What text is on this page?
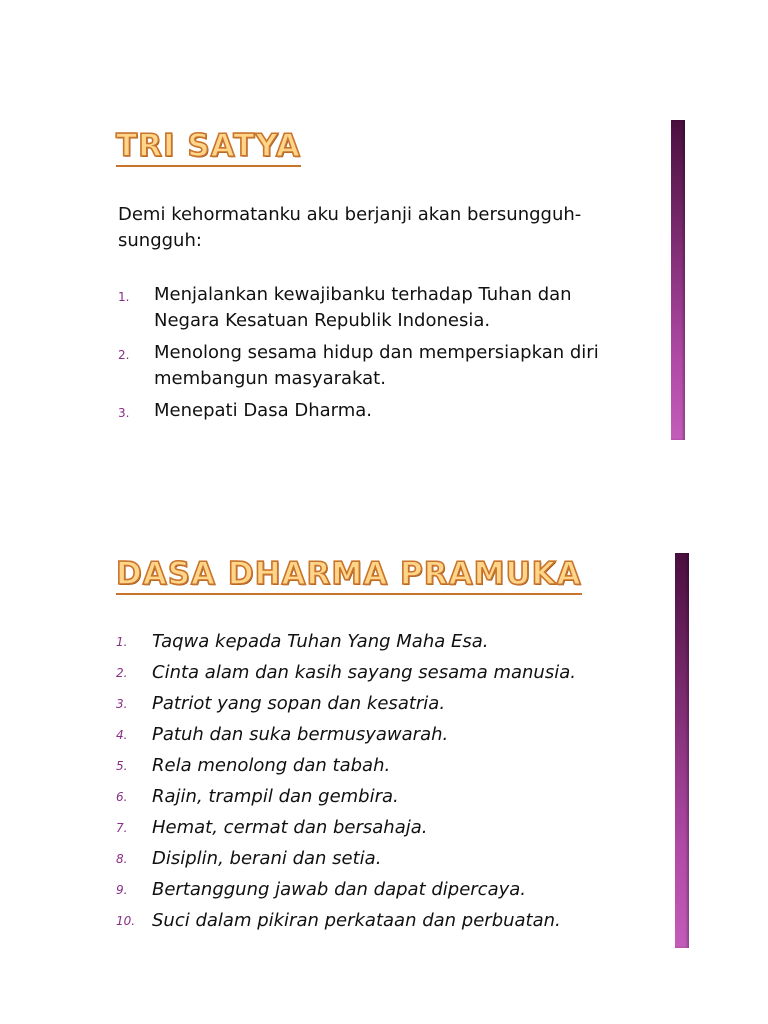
TRI SATYA

Demi kehormatanku aku berjanji akan bersungguh-sungguh:

1. Menjalankan kewajibanku terhadap Tuhan dan Negara Kesatuan Republik Indonesia.
2. Menolong sesama hidup dan mempersiapkan diri membangun masyarakat.
3. Menepati Dasa Dharma.
DASA DHARMA PRAMUKA
1. Taqwa kepada Tuhan Yang Maha Esa.
2. Cinta alam dan kasih sayang sesama manusia.
3. Patriot yang sopan dan kesatria.
4. Patuh dan suka bermusyawarah.
5. Rela menolong dan tabah.
6. Rajin, trampil dan gembira.
7. Hemat, cermat dan bersahaja.
8. Disiplin, berani dan setia.
9. Bertanggung jawab dan dapat dipercaya.
10. Suci dalam pikiran perkataan dan perbuatan.
